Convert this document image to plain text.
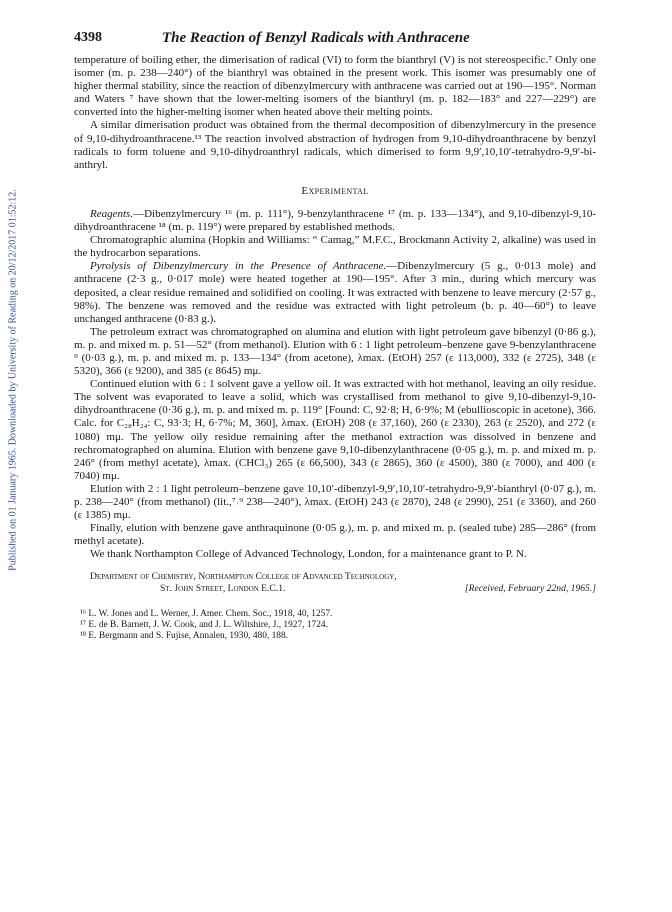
Published on 01 January 1965. Downloaded by University of Reading on 20/12/2017 01:52:12.
4398	The Reaction of Benzyl Radicals with Anthracene

temperature of boiling ether, the dimerisation of radical (VI) to form the bianthryl (V) is not stereospecific.⁷ Only one isomer (m. p. 238—240°) of the bianthryl was obtained in the present work. This isomer was presumably one of higher thermal stability, since the reaction of dibenzylmercury with anthracene was carried out at 190—195°. Norman and Waters ⁷ have shown that the lower-melting isomers of the bianthryl (m. p. 182—183° and 227—229°) are converted into the higher-melting isomer when heated above their melting points.

A similar dimerisation product was obtained from the thermal decomposition of dibenzylmercury in the presence of 9,10-dihydroanthracene.¹³ The reaction involved abstraction of hydrogen from 9,10-dihydroanthracene by benzyl radicals to form toluene and 9,10-dihydroanthryl radicals, which dimerised to form 9,9′,10,10′-tetrahydro-9,9′-bi-anthryl.

Experimental

Reagents.—Dibenzylmercury ¹⁶ (m. p. 111°), 9-benzylanthracene ¹⁷ (m. p. 133—134°), and 9,10-dibenzyl-9,10-dihydroanthracene ¹⁸ (m. p. 119°) were prepared by established methods.

Chromatographic alumina (Hopkin and Williams: “ Camag,” M.F.C., Brockmann Activity 2, alkaline) was used in the hydrocarbon separations.

Pyrolysis of Dibenzylmercury in the Presence of Anthracene.—Dibenzylmercury (5 g., 0·013 mole) and anthracene (2·3 g., 0·017 mole) were heated together at 190—195°. After 3 min., during which mercury was deposited, a clear residue remained and solidified on cooling. It was extracted with benzene to leave mercury (2·57 g., 98%). The benzene was removed and the residue was extracted with light petroleum (b. p. 40—60°) to leave unchanged anthracene (0·83 g.).

The petroleum extract was chromatographed on alumina and elution with light petroleum gave bibenzyl (0·86 g.), m. p. and mixed m. p. 51—52° (from methanol). Elution with 6 : 1 light petroleum–benzene gave 9-benzylanthracene ⁹ (0·03 g.), m. p. and mixed m. p. 133—134° (from acetone), λmax. (EtOH) 257 (ε 113,000), 332 (ε 2725), 348 (ε 5320), 366 (ε 9200), and 385 (ε 8645) mμ.

Continued elution with 6 : 1 solvent gave a yellow oil. It was extracted with hot methanol, leaving an oily residue. The solvent was evaporated to leave a solid, which was crystallised from methanol to give 9,10-dibenzyl-9,10-dihydroanthracene (0·36 g.), m. p. and mixed m. p. 119° [Found: C, 92·8; H, 6·9%; M (ebullioscopic in acetone), 366. Calc. for C₂₈H₂₄: C, 93·3; H, 6·7%; M, 360], λmax. (EtOH) 208 (ε 37,160), 260 (ε 2330), 263 (ε 2520), and 272 (ε 1080) mμ. The yellow oily residue remaining after the methanol extraction was dissolved in benzene and rechromatographed on alumina. Elution with benzene gave 9,10-dibenzylanthracene (0·05 g.), m. p. and mixed m. p. 246° (from methyl acetate), λmax. (CHCl₃) 265 (ε 66,500), 343 (ε 2865), 360 (ε 4500), 380 (ε 7000), and 400 (ε 7040) mμ.

Elution with 2 : 1 light petroleum–benzene gave 10,10′-dibenzyl-9,9′,10,10′-tetrahydro-9,9′-bianthryl (0·07 g.), m. p. 238—240° (from methanol) (lit.,⁷˒⁹ 238—240°), λmax. (EtOH) 243 (ε 2870), 248 (ε 2990), 251 (ε 3360), and 260 (ε 1385) mμ.

Finally, elution with benzene gave anthraquinone (0·05 g.), m. p. and mixed m. p. (sealed tube) 285—286° (from methyl acetate).

We thank Northampton College of Advanced Technology, London, for a maintenance grant to P. N.

Department of Chemistry, Northampton College of Advanced Technology,
St. John Street, London E.C.1.	[Received, February 22nd, 1965.]
¹⁶ L. W. Jones and L. Werner, J. Amer. Chem. Soc., 1918, 40, 1257.
¹⁷ E. de B. Barnett, J. W. Cook, and J. L. Wiltshire, J., 1927, 1724.
¹⁸ E. Bergmann and S. Fujise, Annalen, 1930, 480, 188.
